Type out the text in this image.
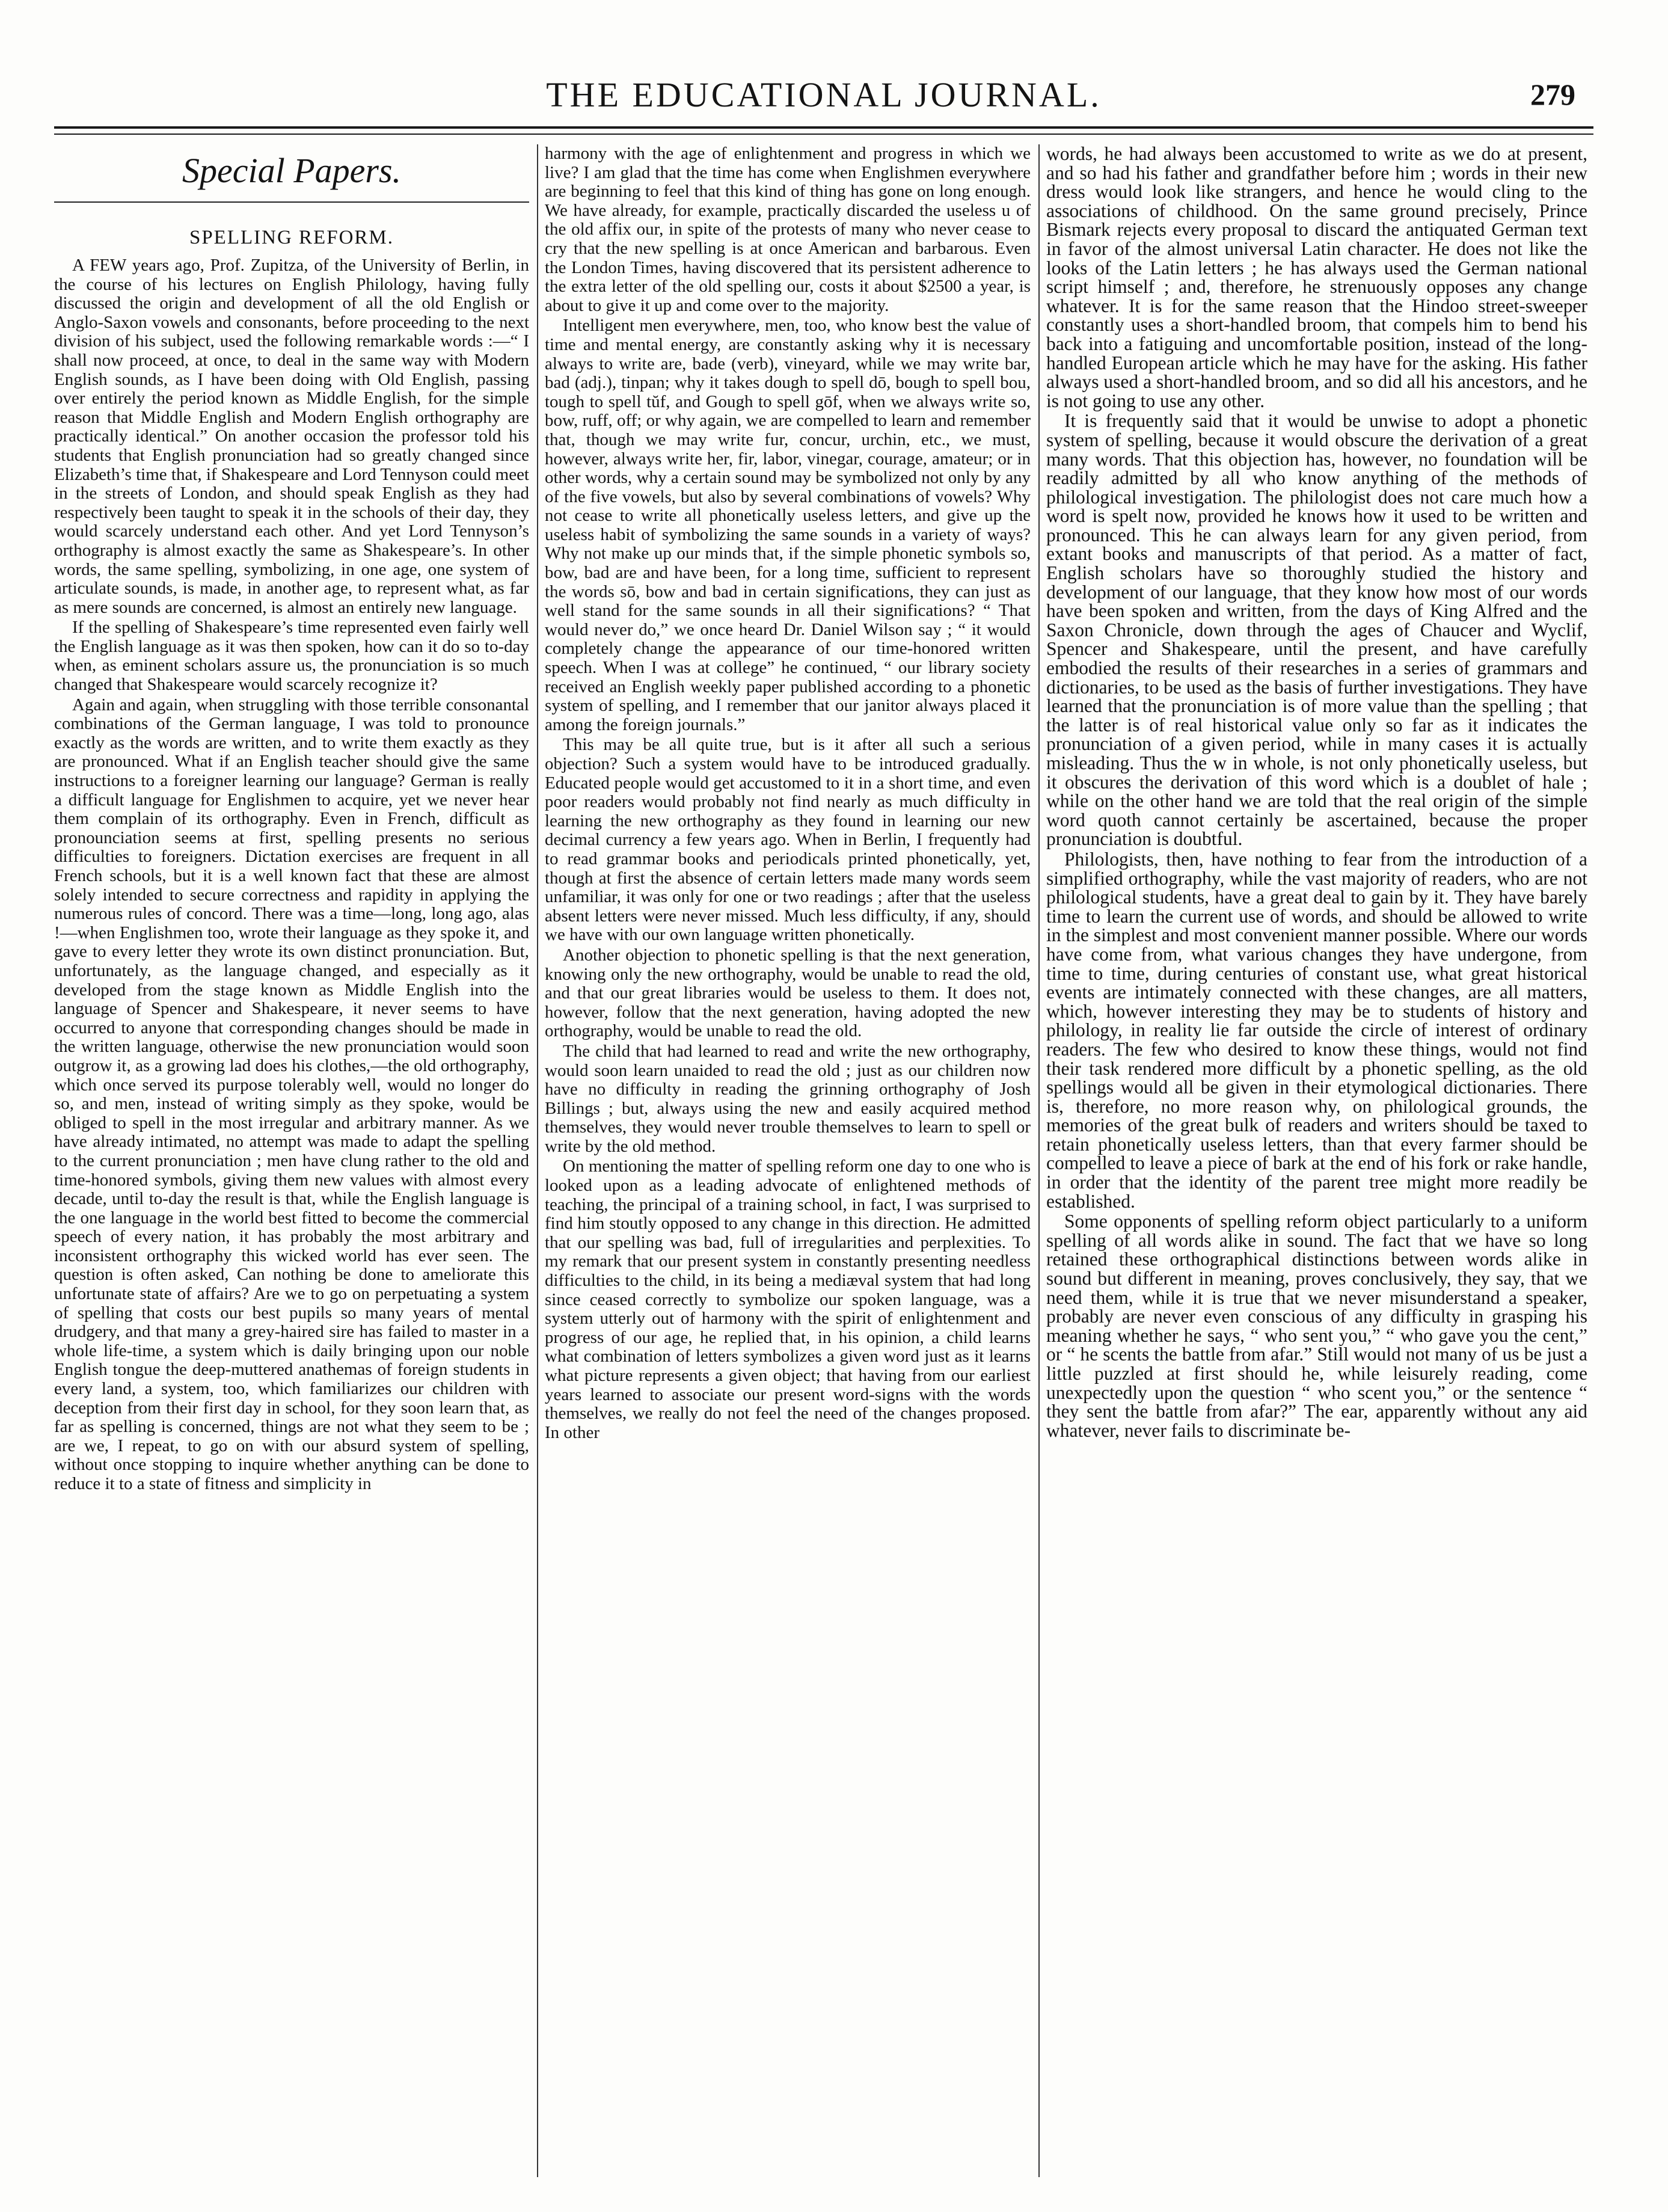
THE EDUCATIONAL JOURNAL.	279
Special Papers.
SPELLING REFORM.

A FEW years ago, Prof. Zupitza, of the University of Berlin, in the course of his lectures on English Philology, having fully discussed the origin and development of all the old English or Anglo-Saxon vowels and consonants, before proceeding to the next division of his subject, used the following remarkable words :—“ I shall now proceed, at once, to deal in the same way with Modern English sounds, as I have been doing with Old English, passing over entirely the period known as Middle English, for the simple reason that Middle English and Modern English orthography are practically identical.” On another occasion the professor told his students that English pronunciation had so greatly changed since Elizabeth’s time that, if Shakespeare and Lord Tennyson could meet in the streets of London, and should speak English as they had respectively been taught to speak it in the schools of their day, they would scarcely understand each other. And yet Lord Tennyson’s orthography is almost exactly the same as Shakespeare’s. In other words, the same spelling, symbolizing, in one age, one system of articulate sounds, is made, in another age, to represent what, as far as mere sounds are concerned, is almost an entirely new language.

If the spelling of Shakespeare’s time represented even fairly well the English language as it was then spoken, how can it do so to-day when, as eminent scholars assure us, the pronunciation is so much changed that Shakespeare would scarcely recognize it?

Again and again, when struggling with those terrible consonantal combinations of the German language, I was told to pronounce exactly as the words are written, and to write them exactly as they are pronounced. What if an English teacher should give the same instructions to a foreigner learning our language? German is really a difficult language for Englishmen to acquire, yet we never hear them complain of its orthography. Even in French, difficult as pronounciation seems at first, spelling presents no serious difficulties to foreigners. Dictation exercises are frequent in all French schools, but it is a well known fact that these are almost solely intended to secure correctness and rapidity in applying the numerous rules of concord. There was a time—long, long ago, alas !—when Englishmen too, wrote their language as they spoke it, and gave to every letter they wrote its own distinct pronunciation. But, unfortunately, as the language changed, and especially as it developed from the stage known as Middle English into the language of Spencer and Shakespeare, it never seems to have occurred to anyone that corresponding changes should be made in the written language, otherwise the new pronunciation would soon outgrow it, as a growing lad does his clothes,—the old orthography, which once served its purpose tolerably well, would no longer do so, and men, instead of writing simply as they spoke, would be obliged to spell in the most irregular and arbitrary manner. As we have already intimated, no attempt was made to adapt the spelling to the current pronunciation ; men have clung rather to the old and time-honored symbols, giving them new values with almost every decade, until to-day the result is that, while the English language is the one language in the world best fitted to become the commercial speech of every nation, it has probably the most arbitrary and inconsistent orthography this wicked world has ever seen. The question is often asked, Can nothing be done to ameliorate this unfortunate state of affairs? Are we to go on perpetuating a system of spelling that costs our best pupils so many years of mental drudgery, and that many a grey-haired sire has failed to master in a whole life-time, a system which is daily bringing upon our noble English tongue the deep-muttered anathemas of foreign students in every land, a system, too, which familiarizes our children with deception from their first day in school, for they soon learn that, as far as spelling is concerned, things are not what they seem to be ; are we, I repeat, to go on with our absurd system of spelling, without once stopping to inquire whether anything can be done to reduce it to a state of fitness and simplicity in

harmony with the age of enlightenment and progress in which we live? I am glad that the time has come when Englishmen everywhere are beginning to feel that this kind of thing has gone on long enough. We have already, for example, practically discarded the useless u of the old affix our, in spite of the protests of many who never cease to cry that the new spelling is at once American and barbarous. Even the London Times, having discovered that its persistent adherence to the extra letter of the old spelling our, costs it about $2500 a year, is about to give it up and come over to the majority.

Intelligent men everywhere, men, too, who know best the value of time and mental energy, are constantly asking why it is necessary always to write are, bade (verb), vineyard, while we may write bar, bad (adj.), tinpan; why it takes dough to spell dō, bough to spell bou, tough to spell tŭf, and Gough to spell gōf, when we always write so, bow, ruff, off; or why again, we are compelled to learn and remember that, though we may write fur, concur, urchin, etc., we must, however, always write her, fir, labor, vinegar, courage, amateur; or in other words, why a certain sound may be symbolized not only by any of the five vowels, but also by several combinations of vowels? Why not cease to write all phonetically useless letters, and give up the useless habit of symbolizing the same sounds in a variety of ways? Why not make up our minds that, if the simple phonetic symbols so, bow, bad are and have been, for a long time, sufficient to represent the words sō, bow and bad in certain significations, they can just as well stand for the same sounds in all their significations? “ That would never do,” we once heard Dr. Daniel Wilson say ; “ it would completely change the appearance of our time-honored written speech. When I was at college” he continued, “ our library society received an English weekly paper published according to a phonetic system of spelling, and I remember that our janitor always placed it among the foreign journals.”

This may be all quite true, but is it after all such a serious objection? Such a system would have to be introduced gradually. Educated people would get accustomed to it in a short time, and even poor readers would probably not find nearly as much difficulty in learning the new orthography as they found in learning our new decimal currency a few years ago. When in Berlin, I frequently had to read grammar books and periodicals printed phonetically, yet, though at first the absence of certain letters made many words seem unfamiliar, it was only for one or two readings ; after that the useless absent letters were never missed. Much less difficulty, if any, should we have with our own language written phonetically.

Another objection to phonetic spelling is that the next generation, knowing only the new orthography, would be unable to read the old, and that our great libraries would be useless to them. It does not, however, follow that the next generation, having adopted the new orthography, would be unable to read the old.

The child that had learned to read and write the new orthography, would soon learn unaided to read the old ; just as our children now have no difficulty in reading the grinning orthography of Josh Billings ; but, always using the new and easily acquired method themselves, they would never trouble themselves to learn to spell or write by the old method.

On mentioning the matter of spelling reform one day to one who is looked upon as a leading advocate of enlightened methods of teaching, the principal of a training school, in fact, I was surprised to find him stoutly opposed to any change in this direction. He admitted that our spelling was bad, full of irregularities and perplexities. To my remark that our present system in constantly presenting needless difficulties to the child, in its being a mediæval system that had long since ceased correctly to symbolize our spoken language, was a system utterly out of harmony with the spirit of enlightenment and progress of our age, he replied that, in his opinion, a child learns what combination of letters symbolizes a given word just as it learns what picture represents a given object; that having from our earliest years learned to associate our present word-signs with the words themselves, we really do not feel the need of the changes proposed. In other

words, he had always been accustomed to write as we do at present, and so had his father and grandfather before him ; words in their new dress would look like strangers, and hence he would cling to the associations of childhood. On the same ground precisely, Prince Bismark rejects every proposal to discard the antiquated German text in favor of the almost universal Latin character. He does not like the looks of the Latin letters ; he has always used the German national script himself ; and, therefore, he strenuously opposes any change whatever. It is for the same reason that the Hindoo street-sweeper constantly uses a short-handled broom, that compels him to bend his back into a fatiguing and uncomfortable position, instead of the long-handled European article which he may have for the asking. His father always used a short-handled broom, and so did all his ancestors, and he is not going to use any other.

It is frequently said that it would be unwise to adopt a phonetic system of spelling, because it would obscure the derivation of a great many words. That this objection has, however, no foundation will be readily admitted by all who know anything of the methods of philological investigation. The philologist does not care much how a word is spelt now, provided he knows how it used to be written and pronounced. This he can always learn for any given period, from extant books and manuscripts of that period. As a matter of fact, English scholars have so thoroughly studied the history and development of our language, that they know how most of our words have been spoken and written, from the days of King Alfred and the Saxon Chronicle, down through the ages of Chaucer and Wyclif, Spencer and Shakespeare, until the present, and have carefully embodied the results of their researches in a series of grammars and dictionaries, to be used as the basis of further investigations. They have learned that the pronunciation is of more value than the spelling ; that the latter is of real historical value only so far as it indicates the pronunciation of a given period, while in many cases it is actually misleading. Thus the w in whole, is not only phonetically useless, but it obscures the derivation of this word which is a doublet of hale ; while on the other hand we are told that the real origin of the simple word quoth cannot certainly be ascertained, because the proper pronunciation is doubtful.

Philologists, then, have nothing to fear from the introduction of a simplified orthography, while the vast majority of readers, who are not philological students, have a great deal to gain by it. They have barely time to learn the current use of words, and should be allowed to write in the simplest and most convenient manner possible. Where our words have come from, what various changes they have undergone, from time to time, during centuries of constant use, what great historical events are intimately connected with these changes, are all matters, which, however interesting they may be to students of history and philology, in reality lie far outside the circle of interest of ordinary readers. The few who desired to know these things, would not find their task rendered more difficult by a phonetic spelling, as the old spellings would all be given in their etymological dictionaries. There is, therefore, no more reason why, on philological grounds, the memories of the great bulk of readers and writers should be taxed to retain phonetically useless letters, than that every farmer should be compelled to leave a piece of bark at the end of his fork or rake handle, in order that the identity of the parent tree might more readily be established.

Some opponents of spelling reform object particularly to a uniform spelling of all words alike in sound. The fact that we have so long retained these orthographical distinctions between words alike in sound but different in meaning, proves conclusively, they say, that we need them, while it is true that we never misunderstand a speaker, probably are never even conscious of any difficulty in grasping his meaning whether he says, “ who sent you,” “ who gave you the cent,” or “ he scents the battle from afar.” Still would not many of us be just a little puzzled at first should he, while leisurely reading, come unexpectedly upon the question “ who scent you,” or the sentence “ they sent the battle from afar?” The ear, apparently without any aid whatever, never fails to discriminate be-
